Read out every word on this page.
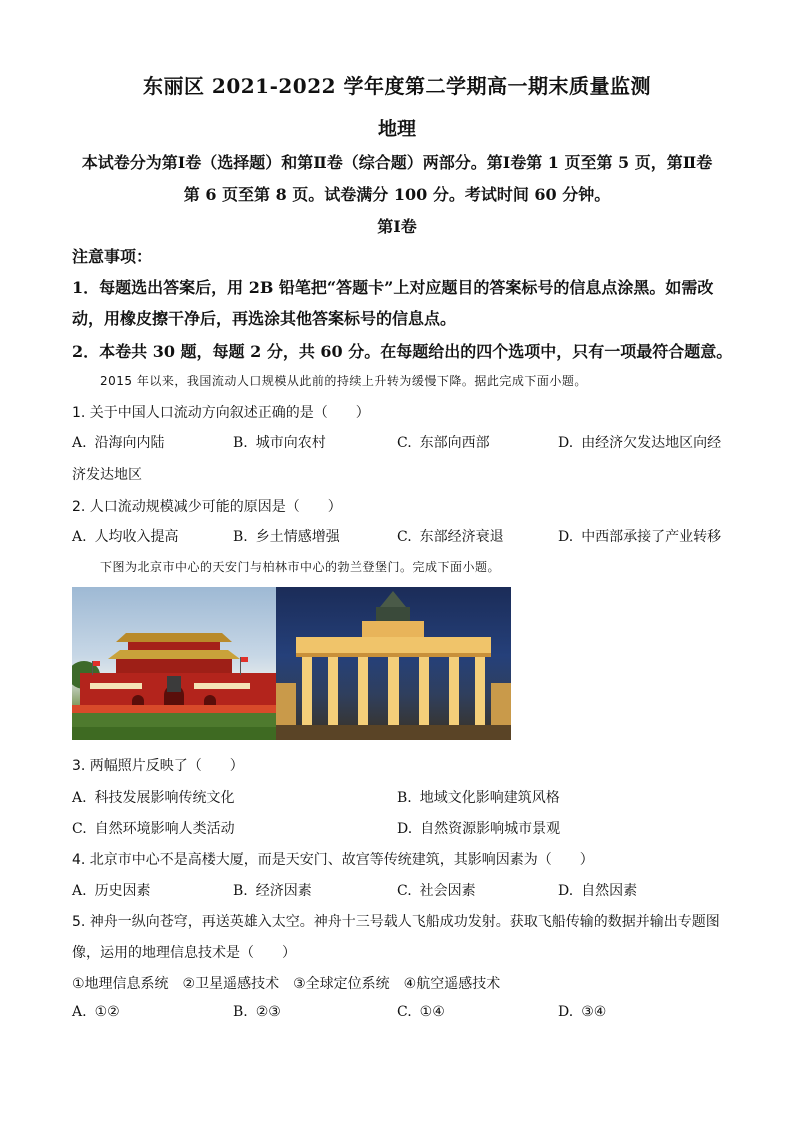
东丽区 2021-2022 学年度第二学期高一期末质量监测
地理
本试卷分为第Ⅰ卷（选择题）和第Ⅱ卷（综合题）两部分。第Ⅰ卷第 1 页至第 5 页，第Ⅱ卷
第 6 页至第 8 页。试卷满分 100 分。考试时间 60 分钟。
第Ⅰ卷
注意事项：
1．每题选出答案后，用 2B 铅笔把“答题卡”上对应题目的答案标号的信息点涂黑。如需改
动，用橡皮擦干净后，再选涂其他答案标号的信息点。
2．本卷共 30 题，每题 2 分，共 60 分。在每题给出的四个选项中，只有一项最符合题意。
2015 年以来，我国流动人口规模从此前的持续上升转为缓慢下降。据此完成下面小题。
1. 关于中国人口流动方向叙述正确的是（　　）
A. 沿海向内陆	B. 城市向农村	C. 东部向西部	D. 由经济欠发达地区向经
济发达地区
2. 人口流动规模减少可能的原因是（　　）
A. 人均收入提高	B. 乡土情感增强	C. 东部经济衰退	D. 中西部承接了产业转移
下图为北京市中心的天安门与柏林市中心的勃兰登堡门。完成下面小题。
3. 两幅照片反映了（　　）
A. 科技发展影响传统文化	B. 地域文化影响建筑风格
C. 自然环境影响人类活动	D. 自然资源影响城市景观
4. 北京市中心不是高楼大厦，而是天安门、故宫等传统建筑，其影响因素为（　　）
A. 历史因素	B. 经济因素	C. 社会因素	D. 自然因素
5. 神舟一纵向苍穹，再送英雄入太空。神舟十三号载人飞船成功发射。获取飞船传输的数据并输出专题图
像，运用的地理信息技术是（　　）
①地理信息系统　②卫星遥感技术　③全球定位系统　④航空遥感技术
A. ①②	B. ②③	C. ①④	D. ③④
